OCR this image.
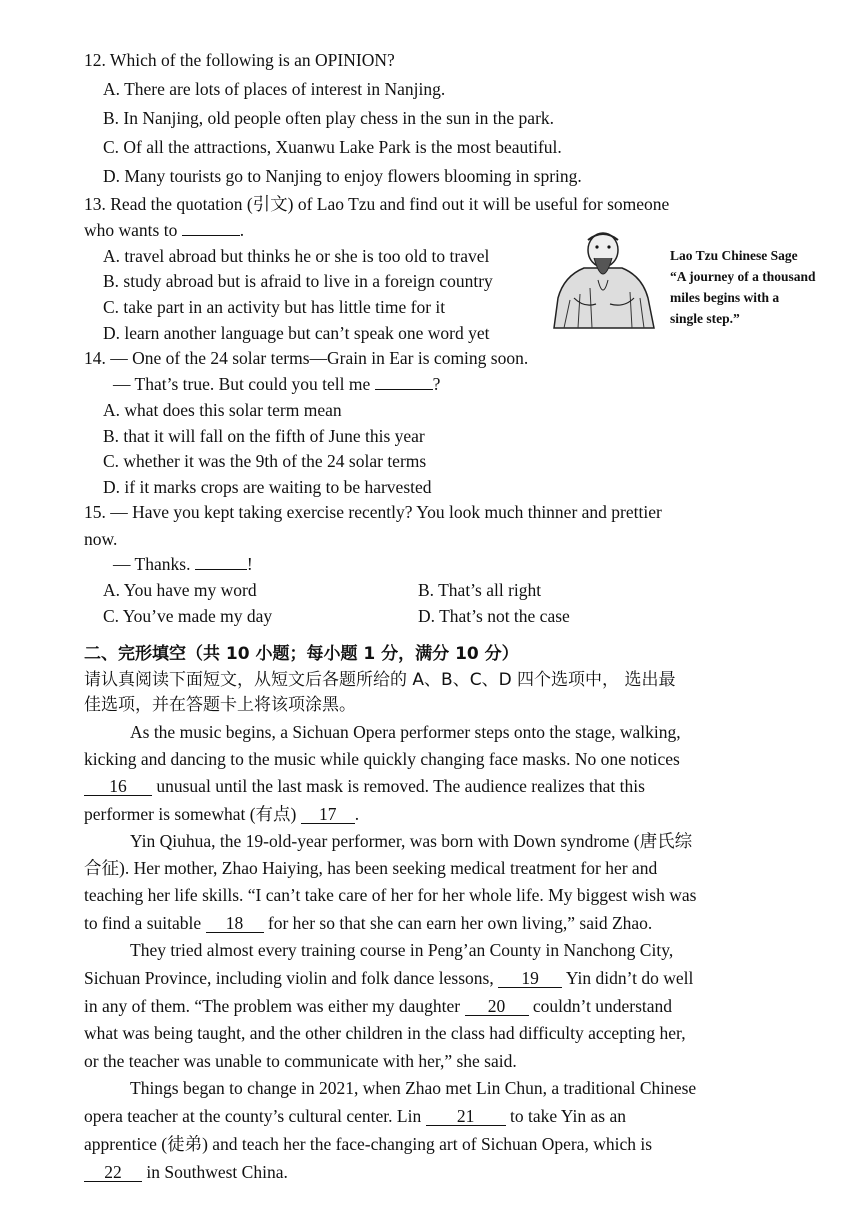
12. Which of the following is an OPINION?
A. There are lots of places of interest in Nanjing.
B. In Nanjing, old people often play chess in the sun in the park.
C. Of all the attractions, Xuanwu Lake Park is the most beautiful.
D. Many tourists go to Nanjing to enjoy flowers blooming in spring.
13. Read the quotation (引文) of Lao Tzu and find out it will be useful for someone
who wants to	.
A. travel abroad but thinks he or she is too old to travel
B. study abroad but is afraid to live in a foreign country
C. take part in an activity but has little time for it
D. learn another language but can’t speak one word yet
Lao Tzu Chinese Sage
“A journey of a thousand
miles begins with a
single step.”
14. — One of the 24 solar terms—Grain in Ear is coming soon.
— That’s true. But could you tell me	?
A. what does this solar term mean
B. that it will fall on the fifth of June this year
C. whether it was the 9th of the 24 solar terms
D. if it marks crops are waiting to be harvested
15. — Have you kept taking exercise recently? You look much thinner and prettier
now.
— Thanks.	!
A. You have my word	B. That’s all right
C. You’ve made my day	D. That’s not the case
二、完形填空（共 10 小题；每小题 1 分，满分 10 分）
请认真阅读下面短文，从短文后各题所给的 A、B、C、D 四个选项中， 选出最
佳选项，并在答题卡上将该项涂黑。
As the music begins, a Sichuan Opera performer steps onto the stage, walking,
kicking and dancing to the music while quickly changing face masks. No one notices
16 unusual until the last mask is removed. The audience realizes that this
performer is somewhat (有点) 17 .
Yin Qiuhua, the 19-old-year performer, was born with Down syndrome (唐氏综
合征). Her mother, Zhao Haiying, has been seeking medical treatment for her and
teaching her life skills. “I can’t take care of her for her whole life. My biggest wish was
to find a suitable 18 for her so that she can earn her own living,” said Zhao.
They tried almost every training course in Peng’an County in Nanchong City,
Sichuan Province, including violin and folk dance lessons, 19 Yin didn’t do well
in any of them. “The problem was either my daughter 20 couldn’t understand
what was being taught, and the other children in the class had difficulty accepting her,
or the teacher was unable to communicate with her,” she said.
Things began to change in 2021, when Zhao met Lin Chun, a traditional Chinese
opera teacher at the county’s cultural center. Lin 21 to take Yin as an
apprentice (徒弟) and teach her the face-changing art of Sichuan Opera, which is
22 in Southwest China.
